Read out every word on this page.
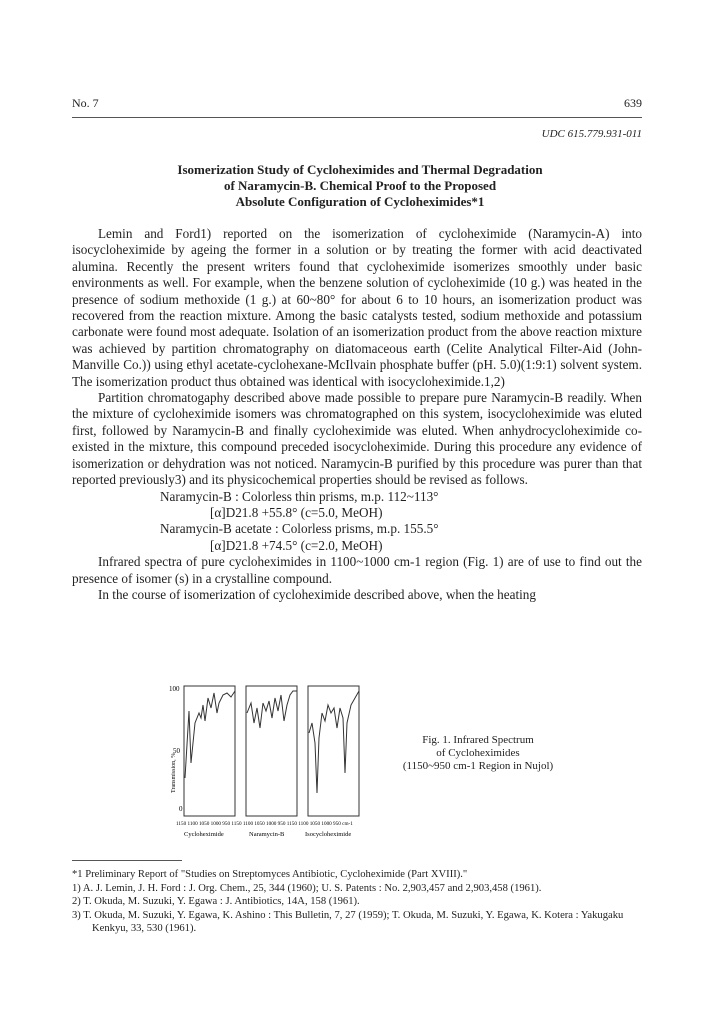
No. 7	639
UDC 615.779.931-011
Isomerization Study of Cycloheximides and Thermal Degradation
of Naramycin-B. Chemical Proof to the Proposed
Absolute Configuration of Cycloheximides*1

Lemin and Ford1) reported on the isomerization of cycloheximide (Naramycin-A) into isocycloheximide by ageing the former in a solution or by treating the former with acid deactivated alumina. Recently the present writers found that cycloheximide isomerizes smoothly under basic environments as well. For example, when the benzene solution of cycloheximide (10 g.) was heated in the presence of sodium methoxide (1 g.) at 60~80° for about 6 to 10 hours, an isomerization product was recovered from the reaction mixture. Among the basic catalysts tested, sodium methoxide and potassium carbonate were found most adequate. Isolation of an isomerization product from the above reaction mixture was achieved by partition chromatography on diatomaceous earth (Celite Analytical Filter-Aid (John-Manville Co.)) using ethyl acetate-cyclohexane-McIlvain phosphate buffer (pH. 5.0)(1:9:1) solvent system. The isomerization product thus obtained was identical with isocycloheximide.1,2)

Partition chromatogaphy described above made possible to prepare pure Naramycin-B readily. When the mixture of cycloheximide isomers was chromatographed on this system, isocycloheximide was eluted first, followed by Naramycin-B and finally cycloheximide was eluted. When anhydrocycloheximide co-existed in the mixture, this compound preceded isocycloheximide. During this procedure any evidence of isomerization or dehydration was not noticed. Naramycin-B purified by this procedure was purer than that reported previously3) and its physicochemical properties should be revised as follows.

Naramycin-B : Colorless thin prisms, m.p. 112~113°

[α]D21.8 +55.8° (c=5.0, MeOH)

Naramycin-B acetate : Colorless prisms, m.p. 155.5°

[α]D21.8 +74.5° (c=2.0, MeOH)

Infrared spectra of pure cycloheximides in 1100~1000 cm-1 region (Fig. 1) are of use to find out the presence of isomer (s) in a crystalline compound.

In the course of isomerization of cycloheximide described above, when the heating

100
50
0
Transmission, %
1150 1100 1050 1000 950 1150 1100 1050 1000 950 1150 1100 1050 1000 950 cm-1
Cycloheximide	Naramycin-B	Isocycloheximide
Fig. 1. Infrared Spectrum
of Cycloheximides
(1150~950 cm-1 Region in Nujol)
*1 Preliminary Report of "Studies on Streptomyces Antibiotic, Cycloheximide (Part XVIII)."
1) A. J. Lemin, J. H. Ford : J. Org. Chem., 25, 344 (1960); U. S. Patents : No. 2,903,457 and 2,903,458 (1961).
2) T. Okuda, M. Suzuki, Y. Egawa : J. Antibiotics, 14A, 158 (1961).
3) T. Okuda, M. Suzuki, Y. Egawa, K. Ashino : This Bulletin, 7, 27 (1959); T. Okuda, M. Suzuki, Y. Egawa, K. Kotera : Yakugaku Kenkyu, 33, 530 (1961).
